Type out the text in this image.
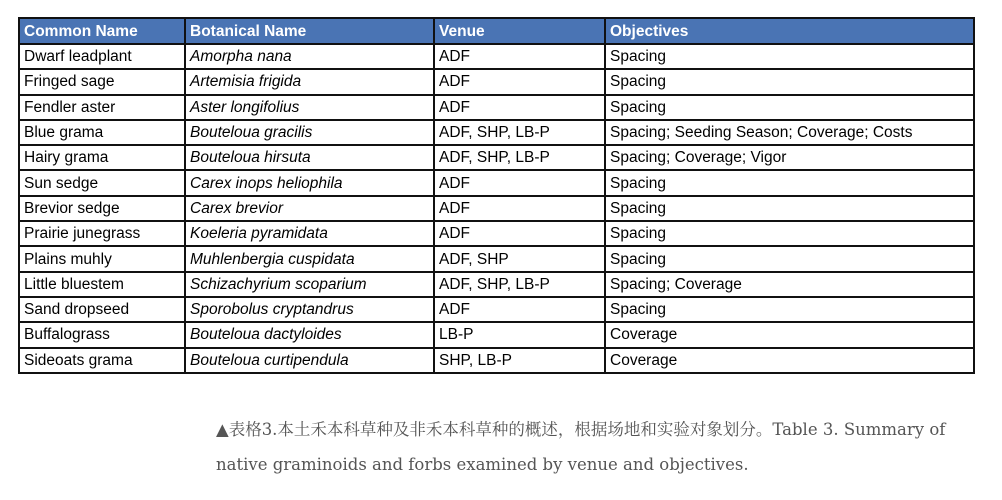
Common Name	Botanical Name	Venue	Objectives
Dwarf leadplant	Amorpha nana	ADF	Spacing
Fringed sage	Artemisia frigida	ADF	Spacing
Fendler aster	Aster longifolius	ADF	Spacing
Blue grama	Bouteloua gracilis	ADF, SHP, LB-P	Spacing; Seeding Season; Coverage; Costs
Hairy grama	Bouteloua hirsuta	ADF, SHP, LB-P	Spacing; Coverage; Vigor
Sun sedge	Carex inops heliophila	ADF	Spacing
Brevior sedge	Carex brevior	ADF	Spacing
Prairie junegrass	Koeleria pyramidata	ADF	Spacing
Plains muhly	Muhlenbergia cuspidata	ADF, SHP	Spacing
Little bluestem	Schizachyrium scoparium	ADF, SHP, LB-P	Spacing; Coverage
Sand dropseed	Sporobolus cryptandrus	ADF	Spacing
Buffalograss	Bouteloua dactyloides	LB-P	Coverage
Sideoats grama	Bouteloua curtipendula	SHP, LB-P	Coverage
▲表格3.本土禾本科草种及非禾本科草种的概述，根据场地和实验对象划分。Table 3. Summary of native graminoids and forbs examined by venue and objectives.
